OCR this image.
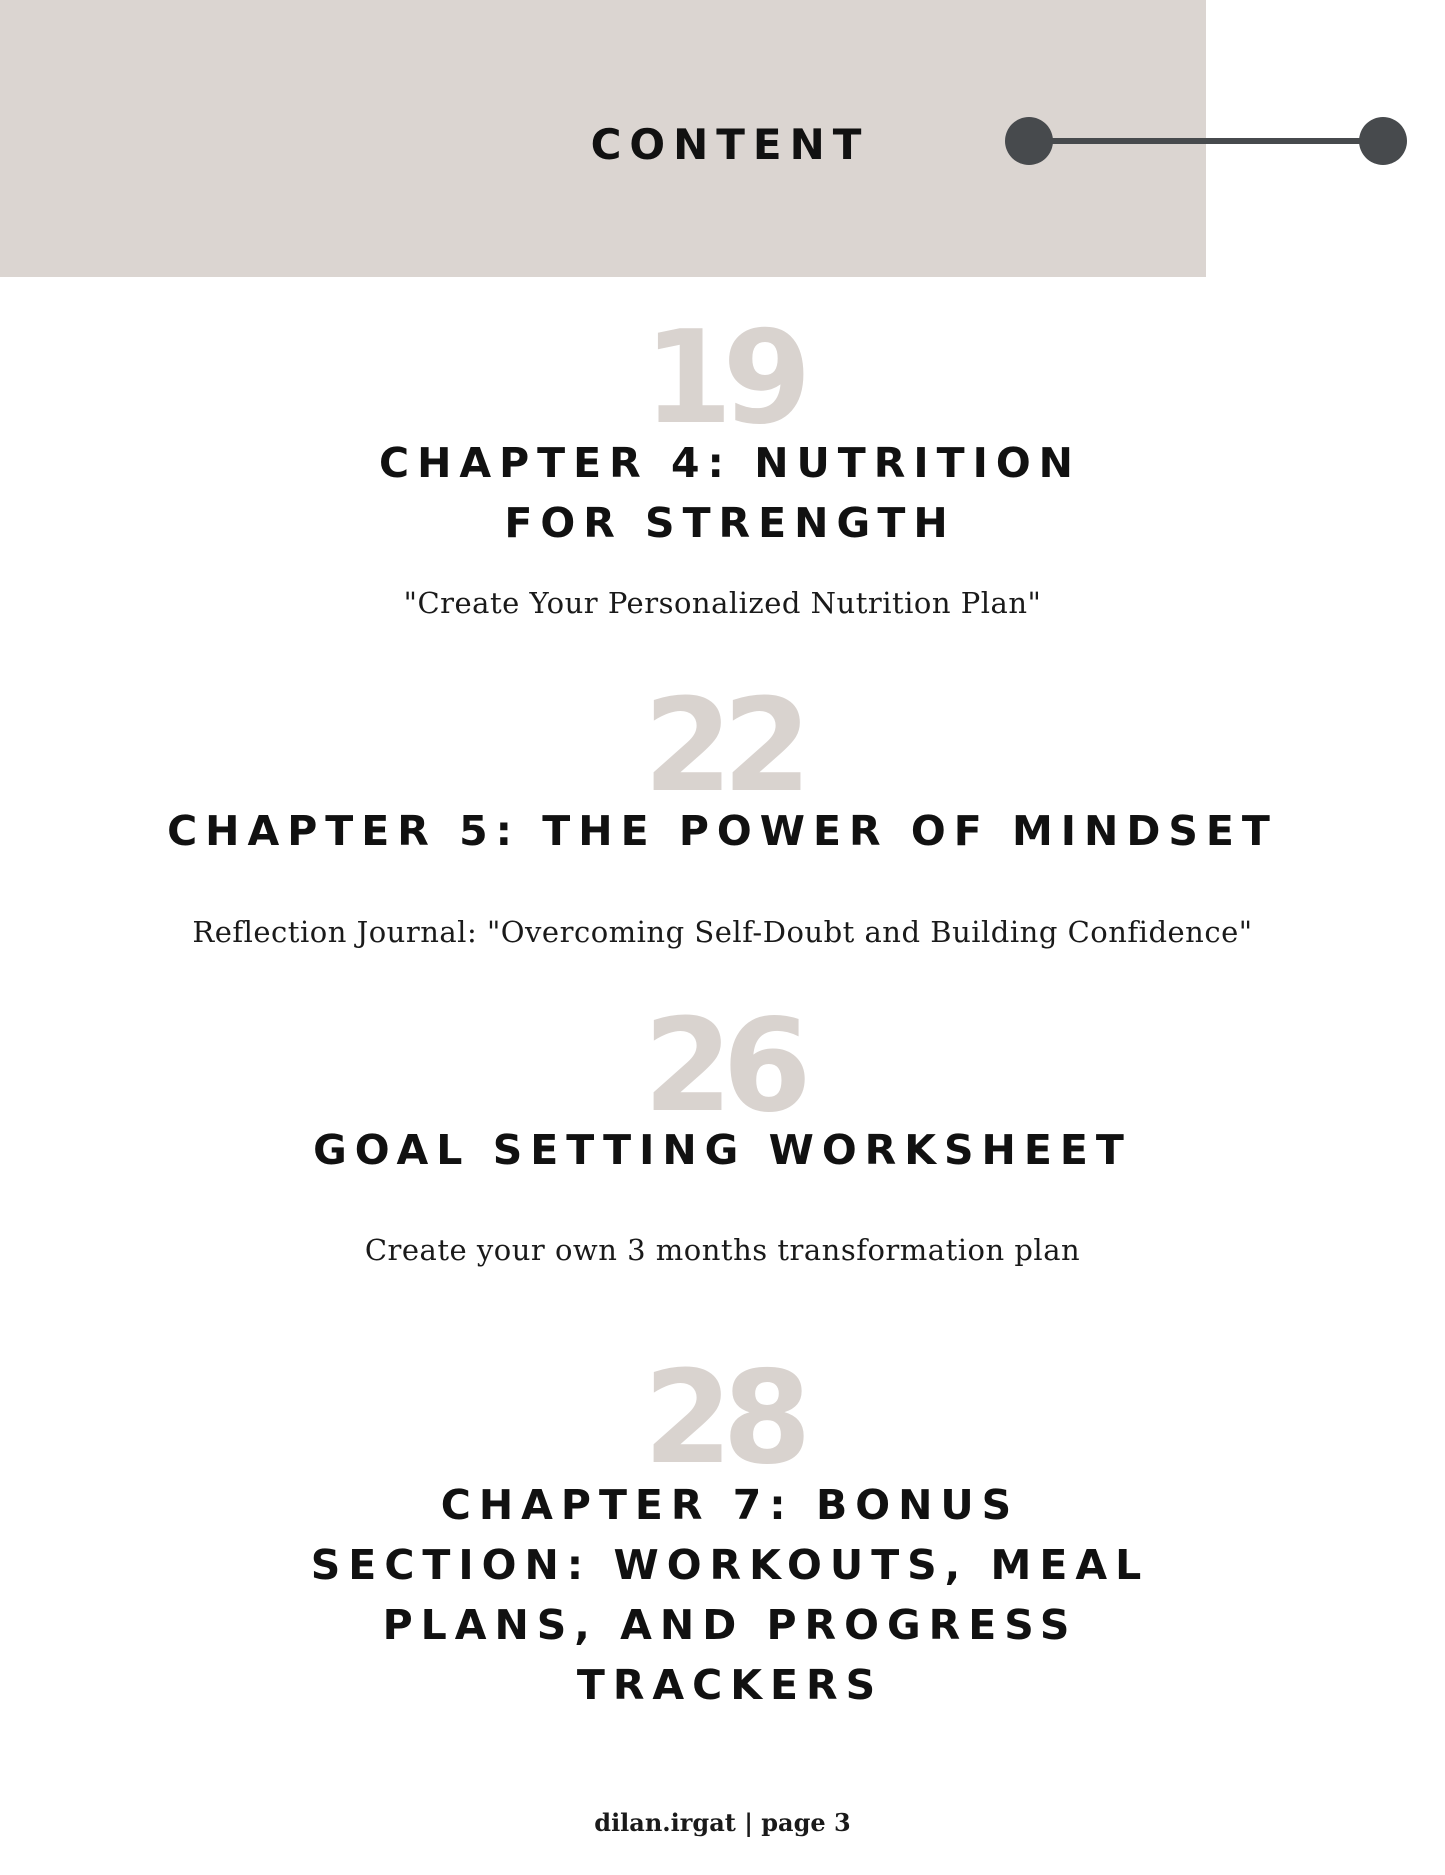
CONTENT
19
CHAPTER 4: NUTRITION FOR STRENGTH
"Create Your Personalized Nutrition Plan"
22
CHAPTER 5: THE POWER OF MINDSET
Reflection Journal: "Overcoming Self-Doubt and Building Confidence"
26
GOAL SETTING WORKSHEET
Create your own 3 months transformation plan
28
CHAPTER 7: BONUS SECTION: WORKOUTS, MEAL PLANS, AND PROGRESS TRACKERS
dilan.irgat | page 3
